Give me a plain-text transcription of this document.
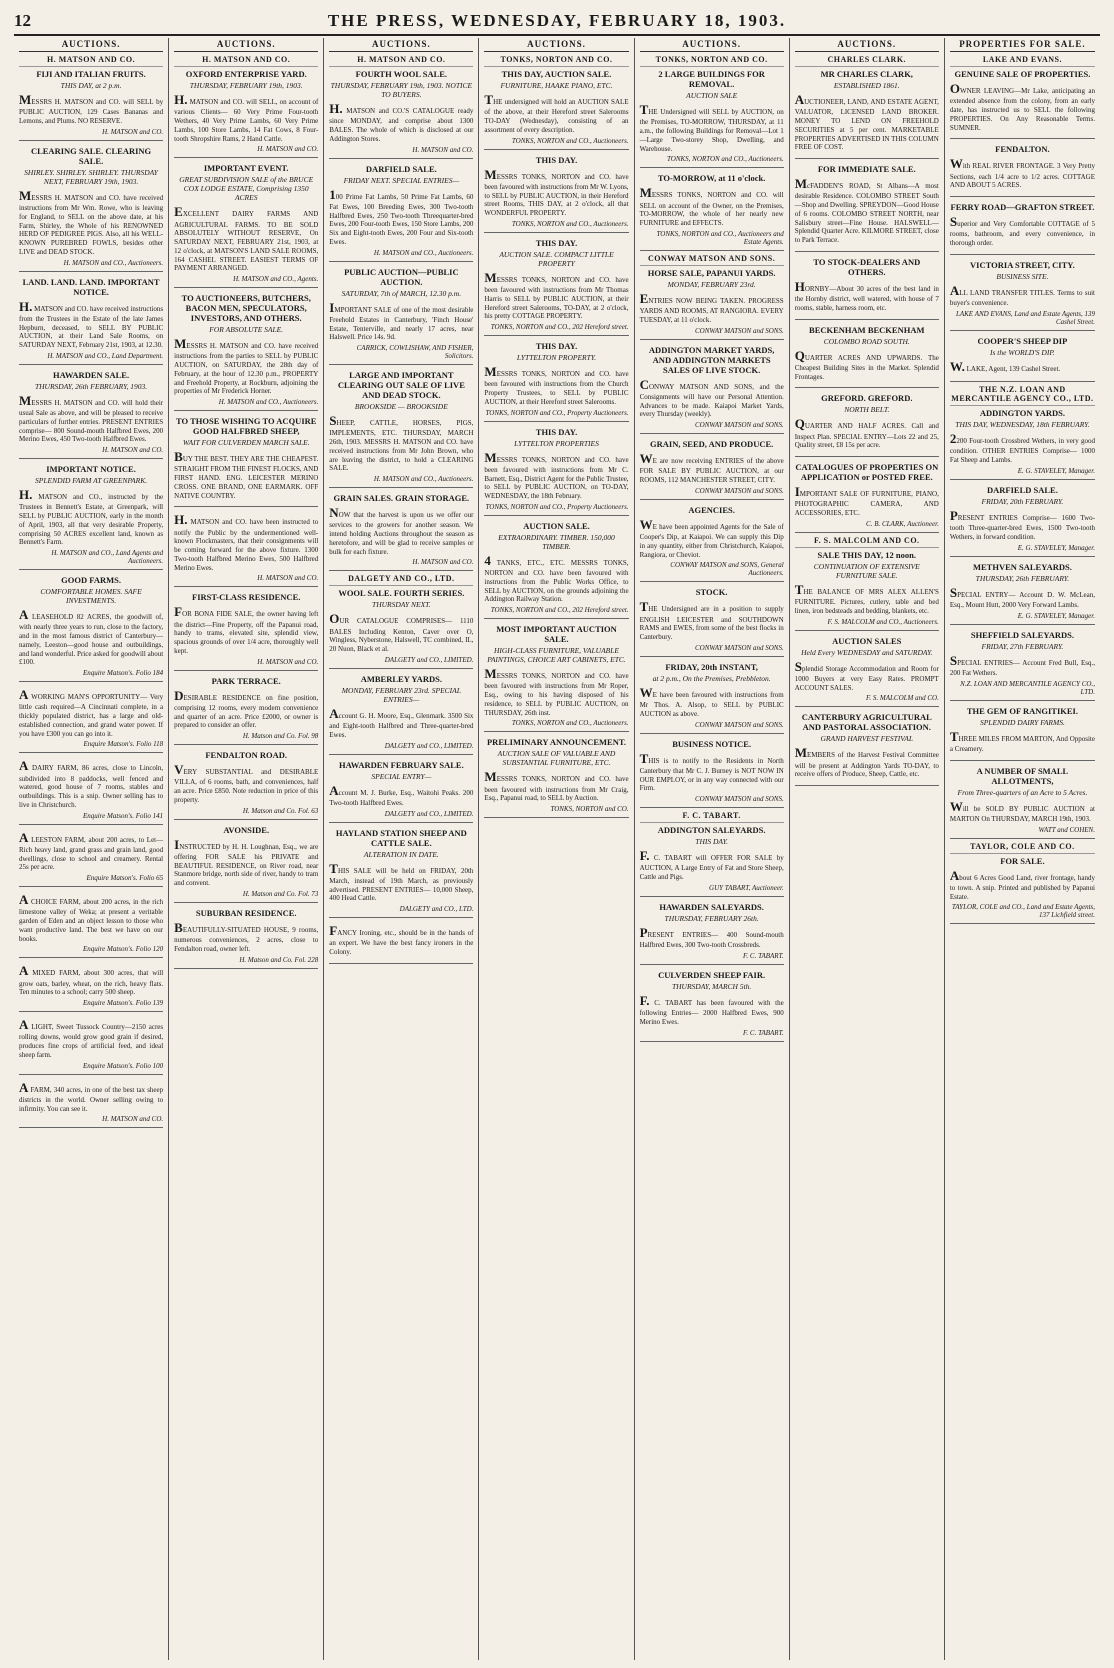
12	THE PRESS, WEDNESDAY, FEBRUARY 18, 1903.
AUCTIONS.
H. MATSON AND CO.
FIJI AND ITALIAN FRUITS.
THIS DAY, at 2 p.m.
MESSRS H. MATSON and CO. will SELL by PUBLIC AUCTION, 129 Cases Bananas and Lemons, and Plums. NO RESERVE.
H. MATSON and CO.
CLEARING SALE. CLEARING SALE.
SHIRLEY. SHIRLEY. SHIRLEY. THURSDAY NEXT, FEBRUARY 19th, 1903.
MESSRS H. MATSON and CO. have received instructions from Mr Wm. Rowe, who is leaving for England, to SELL on the above date, at his Farm, Shirley, the Whole of his RENOWNED HERD OF PEDIGREE PIGS. Also, all his WELL-KNOWN PUREBRED FOWLS, besides other LIVE and DEAD STOCK.
H. MATSON and CO., Auctioneers.
LAND. LAND. LAND. IMPORTANT NOTICE.
H. MATSON and CO. have received instructions from the Trustees in the Estate of the late James Hepburn, deceased, to SELL BY PUBLIC AUCTION, at their Land Sale Rooms, on SATURDAY NEXT, February 21st, 1903, at 12.30.
H. MATSON and CO., Land Department.
HAWARDEN SALE.
THURSDAY, 26th FEBRUARY, 1903.
MESSRS H. MATSON and CO. will hold their usual Sale as above, and will be pleased to receive particulars of further entries. PRESENT ENTRIES comprise— 800 Sound-mouth Halfbred Ewes, 200 Merino Ewes, 450 Two-tooth Halfbred Ewes.
H. MATSON and CO.
IMPORTANT NOTICE.
SPLENDID FARM AT GREENPARK.
H. MATSON and CO., instructed by the Trustees in Bennett's Estate, at Greenpark, will SELL by PUBLIC AUCTION, early in the month of April, 1903, all that very desirable Property, comprising 50 ACRES excellent land, known as Bennett's Farm.
H. MATSON and CO., Land Agents and Auctioneers.
GOOD FARMS.
COMFORTABLE HOMES. SAFE INVESTMENTS.
A LEASEHOLD 82 ACRES, the goodwill of, with nearly three years to run, close to the factory, and in the most famous district of Canterbury—namely, Leeston—good house and outbuildings, and land wonderful. Price asked for goodwill about £100.
Enquire Matson's. Folio 184
A WORKING MAN'S OPPORTUNITY— Very little cash required—A Cincinnati complete, in a thickly populated district, has a large and old-established connection, and grand water power. If you have £300 you can go into it.
Enquire Matson's. Folio 118
A DAIRY FARM, 86 acres, close to Lincoln, subdivided into 8 paddocks, well fenced and watered, good house of 7 rooms, stables and outbuildings. This is a snip. Owner selling has to live in Christchurch.
Enquire Matson's. Folio 141
A LEESTON FARM, about 200 acres, to Let—Rich heavy land, grand grass and grain land, good dwellings, close to school and creamery. Rental 25s per acre.
Enquire Matson's. Folio 65
A CHOICE FARM, about 200 acres, in the rich limestone valley of Weka; at present a veritable garden of Eden and an object lesson to those who want productive land. The best we have on our books.
Enquire Matson's. Folio 120
A MIXED FARM, about 300 acres, that will grow oats, barley, wheat, on the rich, heavy flats. Ten minutes to a school; carry 500 sheep.
Enquire Matson's. Folio 139
A LIGHT, Sweet Tussock Country—2150 acres rolling downs, would grow good grain if desired, produces fine crops of artificial feed, and ideal sheep farm.
Enquire Matson's. Folio 100
A FARM, 340 acres, in one of the best tax sheep districts in the world. Owner selling owing to infirmity. You can see it.
H. MATSON and CO.
AUCTIONS.
H. MATSON AND CO.
OXFORD ENTERPRISE YARD.
THURSDAY, FEBRUARY 19th, 1903.
H. MATSON and CO. will SELL, on account of various Clients— 60 Very Prime Four-tooth Wethers, 40 Very Prime Lambs, 60 Very Prime Lambs, 100 Store Lambs, 14 Fat Cows, 8 Four-tooth Shropshire Rams, 2 Hand Cattle.
H. MATSON and CO.
IMPORTANT EVENT.
GREAT SUBDIVISION SALE of the BRUCE COX LODGE ESTATE, Comprising 1350 ACRES
EXCELLENT DAIRY FARMS AND AGRICULTURAL FARMS. TO BE SOLD ABSOLUTELY WITHOUT RESERVE, On SATURDAY NEXT, FEBRUARY 21st, 1903, at 12 o'clock, at MATSON'S LAND SALE ROOMS, 164 CASHEL STREET. EASIEST TERMS OF PAYMENT ARRANGED.
H. MATSON and CO., Agents.
TO AUCTIONEERS, BUTCHERS, BACON MEN, SPECULATORS, INVESTORS, AND OTHERS.
FOR ABSOLUTE SALE.
MESSRS H. MATSON and CO. have received instructions from the parties to SELL by PUBLIC AUCTION, on SATURDAY, the 28th day of February, at the hour of 12.30 p.m., PROPERTY and Freehold Property, at Rockburn, adjoining the properties of Mr Frederick Horner.
H. MATSON and CO., Auctioneers.
TO THOSE WISHING TO ACQUIRE GOOD HALFBRED SHEEP,
WAIT FOR CULVERDEN MARCH SALE.
BUY THE BEST. THEY ARE THE CHEAPEST. STRAIGHT FROM THE FINEST FLOCKS, AND FIRST HAND. ENG. LEICESTER MERINO CROSS. ONE BRAND, ONE EARMARK. OFF NATIVE COUNTRY.
H. MATSON and CO. have been instructed to notify the Public by the undermentioned well-known Flockmasters, that their consignments will be coming forward for the above fixture. 1300 Two-tooth Halfbred Merino Ewes, 500 Halfbred Merino Ewes.
H. MATSON and CO.
FIRST-CLASS RESIDENCE.
FOR BONA FIDE SALE, the owner having left the district—Fine Property, off the Papanui road, handy to trams, elevated site, splendid view, spacious grounds of over 1/4 acre, thoroughly well kept.
H. MATSON and CO.
PARK TERRACE.
DESIRABLE RESIDENCE on fine position, comprising 12 rooms, every modern convenience and quarter of an acre. Price £2000, or owner is prepared to consider an offer.
H. Matson and Co. Fol. 98
FENDALTON ROAD.
VERY SUBSTANTIAL and DESIRABLE VILLA, of 6 rooms, bath, and conveniences, half an acre. Price £850. Note reduction in price of this property.
H. Matson and Co. Fol. 63
AVONSIDE.
INSTRUCTED by H. H. Loughnan, Esq., we are offering FOR SALE his PRIVATE and BEAUTIFUL RESIDENCE, on River road, near Stanmore bridge, north side of river, handy to tram and convent.
H. Matson and Co. Fol. 73
SUBURBAN RESIDENCE.
BEAUTIFULLY-SITUATED HOUSE, 9 rooms, numerous conveniences, 2 acres, close to Fendalton road, owner left.
H. Matson and Co. Fol. 228
AUCTIONS.
H. MATSON AND CO.
FOURTH WOOL SALE.
THURSDAY, FEBRUARY 19th, 1903. NOTICE TO BUYERS.
H. MATSON and CO.'S CATALOGUE ready since MONDAY, and comprise about 1300 BALES. The whole of which is disclosed at our Addington Stores.
H. MATSON and CO.
DARFIELD SALE.
FRIDAY NEXT. SPECIAL ENTRIES—
100 Prime Fat Lambs, 50 Prime Fat Lambs, 60 Fat Ewes, 100 Breeding Ewes, 300 Two-tooth Halfbred Ewes, 250 Two-tooth Threequarter-bred Ewes, 200 Four-tooth Ewes, 150 Store Lambs, 200 Six and Eight-tooth Ewes, 200 Four and Six-tooth Ewes.
H. MATSON and CO., Auctioneers.
PUBLIC AUCTION—PUBLIC AUCTION.
SATURDAY, 7th of MARCH, 12.30 p.m.
IMPORTANT SALE of one of the most desirable Freehold Estates in Canterbury, 'Finch House' Estate, Tenterville, and nearly 17 acres, near Halswell. Price 14s. 9d.
CARRICK, COWLISHAW, AND FISHER, Solicitors.
LARGE AND IMPORTANT CLEARING OUT SALE OF LIVE AND DEAD STOCK.
BROOKSIDE — BROOKSIDE
SHEEP, CATTLE, HORSES, PIGS, IMPLEMENTS, ETC. THURSDAY, MARCH 26th, 1903. MESSRS H. MATSON and CO. have received instructions from Mr John Brown, who are leaving the district, to hold a CLEARING SALE.
H. MATSON and CO., Auctioneers.
GRAIN SALES. GRAIN STORAGE.
NOW that the harvest is upon us we offer our services to the growers for another season. We intend holding Auctions throughout the season as heretofore, and will be glad to receive samples or bulk for each fixture.
H. MATSON and CO.
DALGETY AND CO., LTD.
WOOL SALE. FOURTH SERIES.
THURSDAY NEXT.
OUR CATALOGUE COMPRISES— 1110 BALES Including Kenton, Caver over O, Wingless, Nyberstone, Halswell, TC combined, IL, 20 Nuon, Black et al.
DALGETY and CO., LIMITED.
AMBERLEY YARDS.
MONDAY, FEBRUARY 23rd. SPECIAL ENTRIES—
Account G. H. Moore, Esq., Glenmark. 3500 Six and Eight-tooth Halfbred and Three-quarter-bred Ewes.
DALGETY and CO., LIMITED.
HAWARDEN FEBRUARY SALE.
SPECIAL ENTRY—
Account M. J. Burke, Esq., Waitohi Peaks. 200 Two-tooth Halfbred Ewes.
DALGETY and CO., LIMITED.
HAYLAND STATION SHEEP AND CATTLE SALE.
ALTERATION IN DATE.
THIS SALE will be held on FRIDAY, 20th March, instead of 19th March, as previously advertised. PRESENT ENTRIES— 10,000 Sheep, 400 Head Cattle.
DALGETY and CO., LTD.
FANCY Ironing, etc., should be in the hands of an expert. We have the best fancy ironers in the Colony.
AUCTIONS.
TONKS, NORTON AND CO.
THIS DAY, AUCTION SALE.
FURNITURE, HAAKE PIANO, ETC.
THE undersigned will hold an AUCTION SALE of the above, at their Hereford street Salerooms TO-DAY (Wednesday), consisting of an assortment of every description.
TONKS, NORTON and CO., Auctioneers.
THIS DAY.
MESSRS TONKS, NORTON and CO. have been favoured with instructions from Mr W. Lyons, to SELL by PUBLIC AUCTION, in their Hereford street Rooms, THIS DAY, at 2 o'clock, all that WONDERFUL PROPERTY.
TONKS, NORTON and CO., Auctioneers.
THIS DAY.
AUCTION SALE. COMPACT LITTLE PROPERTY
MESSRS TONKS, NORTON and CO. have been favoured with instructions from Mr Thomas Harris to SELL by PUBLIC AUCTION, at their Hereford street Salerooms, TO-DAY, at 2 o'clock, his pretty COTTAGE PROPERTY.
TONKS, NORTON and CO., 202 Hereford street.
THIS DAY.
LYTTELTON PROPERTY.
MESSRS TONKS, NORTON and CO. have been favoured with instructions from the Church Property Trustees, to SELL by PUBLIC AUCTION, at their Hereford street Salerooms.
TONKS, NORTON and CO., Property Auctioneers.
THIS DAY.
LYTTELTON PROPERTIES
MESSRS TONKS, NORTON and CO. have been favoured with instructions from Mr C. Barnett, Esq., District Agent for the Public Trustee, to SELL by PUBLIC AUCTION, on TO-DAY, WEDNESDAY, the 18th February.
TONKS, NORTON and CO., Property Auctioneers.
AUCTION SALE.
EXTRAORDINARY. TIMBER. 150,000 TIMBER.
4 TANKS, ETC., ETC. MESSRS TONKS, NORTON and CO. have been favoured with instructions from the Public Works Office, to SELL by AUCTION, on the grounds adjoining the Addington Railway Station.
TONKS, NORTON and CO., 202 Hereford street.
MOST IMPORTANT AUCTION SALE.
HIGH-CLASS FURNITURE, VALUABLE PAINTINGS, CHOICE ART CABINETS, ETC.
MESSRS TONKS, NORTON and CO. have been favoured with instructions from Mr Roper, Esq., owing to his having disposed of his residence, to SELL by PUBLIC AUCTION, on THURSDAY, 26th inst.
TONKS, NORTON and CO., Auctioneers.
PRELIMINARY ANNOUNCEMENT.
AUCTION SALE OF VALUABLE AND SUBSTANTIAL FURNITURE, ETC.
MESSRS TONKS, NORTON and CO. have been favoured with instructions from Mr Craig, Esq., Papanui road, to SELL by Auction.
TONKS, NORTON and CO.
AUCTIONS.
TONKS, NORTON AND CO.
2 LARGE BUILDINGS FOR REMOVAL.
AUCTION SALE
THE Undersigned will SELL by AUCTION, on the Premises, TO-MORROW, THURSDAY, at 11 a.m., the following Buildings for Removal—Lot 1—Large Two-storey Shop, Dwelling, and Warehouse.
TONKS, NORTON and CO., Auctioneers.
TO-MORROW, at 11 o'clock.
MESSRS TONKS, NORTON and CO. will SELL on account of the Owner, on the Premises, TO-MORROW, the whole of her nearly new FURNITURE and EFFECTS.
TONKS, NORTON and CO., Auctioneers and Estate Agents.
CONWAY MATSON AND SONS.
HORSE SALE, PAPANUI YARDS.
MONDAY, FEBRUARY 23rd.
ENTRIES NOW BEING TAKEN. PROGRESS YARDS AND ROOMS, AT RANGIORA. EVERY TUESDAY, at 11 o'clock.
CONWAY MATSON and SONS.
ADDINGTON MARKET YARDS, AND ADDINGTON MARKETS SALES OF LIVE STOCK.
CONWAY MATSON AND SONS, and the Consignments will have our Personal Attention. Advances to be made. Kaiapoi Market Yards, every Thursday (weekly).
CONWAY MATSON and SONS.
GRAIN, SEED, AND PRODUCE.
WE are now receiving ENTRIES of the above FOR SALE BY PUBLIC AUCTION, at our ROOMS, 112 MANCHESTER STREET, CITY.
CONWAY MATSON and SONS.
AGENCIES.
WE have been appointed Agents for the Sale of Cooper's Dip, at Kaiapoi. We can supply this Dip in any quantity, either from Christchurch, Kaiapoi, Rangiora, or Cheviot.
CONWAY MATSON and SONS, General Auctioneers.
STOCK.
THE Undersigned are in a position to supply ENGLISH LEICESTER and SOUTHDOWN RAMS and EWES, from some of the best flocks in Canterbury.
CONWAY MATSON and SONS.
FRIDAY, 20th INSTANT,
at 2 p.m., On the Premises, Prebbleton.
WE have been favoured with instructions from Mr Thos. A. Alsop, to SELL by PUBLIC AUCTION as above.
CONWAY MATSON and SONS.
BUSINESS NOTICE.
THIS is to notify to the Residents in North Canterbury that Mr C. J. Burney is NOT NOW IN OUR EMPLOY, or in any way connected with our Firm.
CONWAY MATSON and SONS.
F. C. TABART.
ADDINGTON SALEYARDS.
THIS DAY.
F. C. TABART will OFFER FOR SALE by AUCTION, A Large Entry of Fat and Store Sheep, Cattle and Pigs.
GUY TABART, Auctioneer.
HAWARDEN SALEYARDS.
THURSDAY, FEBRUARY 26th.
PRESENT ENTRIES— 400 Sound-mouth Halfbred Ewes, 300 Two-tooth Crossbreds.
F. C. TABART.
CULVERDEN SHEEP FAIR.
THURSDAY, MARCH 5th.
F. C. TABART has been favoured with the following Entries— 2000 Halfbred Ewes, 900 Merino Ewes.
F. C. TABART.
AUCTIONS.
CHARLES CLARK.
MR CHARLES CLARK,
ESTABLISHED 1861.
AUCTIONEER, LAND, AND ESTATE AGENT, VALUATOR, LICENSED LAND BROKER. MONEY TO LEND ON FREEHOLD SECURITIES at 5 per cent. MARKETABLE PROPERTIES ADVERTISED IN THIS COLUMN FREE OF COST.
FOR IMMEDIATE SALE.
McFADDEN'S ROAD, St Albans—A most desirable Residence. COLOMBO STREET South—Shop and Dwelling. SPREYDON—Good House of 6 rooms. COLOMBO STREET NORTH, near Salisbury street—Fine House. HALSWELL—Splendid Quarter Acre. KILMORE STREET, close to Park Terrace.
TO STOCK-DEALERS AND OTHERS.
HORNBY—About 30 acres of the best land in the Hornby district, well watered, with house of 7 rooms, stable, harness room, etc.
BECKENHAM BECKENHAM
COLOMBO ROAD SOUTH.
QUARTER ACRES AND UPWARDS. The Cheapest Building Sites in the Market. Splendid Frontages.
GREFORD. GREFORD.
NORTH BELT.
QUARTER AND HALF ACRES. Call and Inspect Plan. SPECIAL ENTRY—Lots 22 and 25, Quality street, £8 15s per acre.
CATALOGUES OF PROPERTIES ON APPLICATION or POSTED FREE.
IMPORTANT SALE OF FURNITURE, PIANO, PHOTOGRAPHIC CAMERA, AND ACCESSORIES, ETC.
C. B. CLARK, Auctioneer.
F. S. MALCOLM AND CO.
SALE THIS DAY, 12 noon.
CONTINUATION OF EXTENSIVE FURNITURE SALE.
THE BALANCE OF MRS ALEX ALLEN'S FURNITURE. Pictures, cutlery, table and bed linen, iron bedsteads and bedding, blankets, etc.
F. S. MALCOLM and CO., Auctioneers.
AUCTION SALES
Held Every WEDNESDAY and SATURDAY.
Splendid Storage Accommodation and Room for 1000 Buyers at very Easy Rates. PROMPT ACCOUNT SALES.
F. S. MALCOLM and CO.
CANTERBURY AGRICULTURAL AND PASTORAL ASSOCIATION.
GRAND HARVEST FESTIVAL
MEMBERS of the Harvest Festival Committee will be present at Addington Yards TO-DAY, to receive offers of Produce, Sheep, Cattle, etc.
PROPERTIES FOR SALE.
LAKE AND EVANS.
GENUINE SALE OF PROPERTIES.
OWNER LEAVING—Mr Lake, anticipating an extended absence from the colony, from an early date, has instructed us to SELL the following PROPERTIES. On Any Reasonable Terms. SUMNER.
FENDALTON.
With REAL RIVER FRONTAGE. 3 Very Pretty Sections, each 1/4 acre to 1/2 acres. COTTAGE AND ABOUT 5 ACRES.
FERRY ROAD—GRAFTON STREET.
Superior and Very Comfortable COTTAGE of 5 rooms, bathroom, and every convenience, in thorough order.
VICTORIA STREET, CITY.
BUSINESS SITE.
ALL LAND TRANSFER TITLES. Terms to suit buyer's convenience.
LAKE AND EVANS, Land and Estate Agents, 139 Cashel Street.
COOPER'S SHEEP DIP
Is the WORLD'S DIP.
W. LAKE, Agent, 139 Cashel Street.
THE N.Z. LOAN AND MERCANTILE AGENCY CO., LTD.
ADDINGTON YARDS.
THIS DAY, WEDNESDAY, 18th FEBRUARY.
2200 Four-tooth Crossbred Wethers, in very good condition. OTHER ENTRIES Comprise— 1000 Fat Sheep and Lambs.
E. G. STAVELEY, Manager.
DARFIELD SALE.
FRIDAY, 20th FEBRUARY.
PRESENT ENTRIES Comprise— 1600 Two-tooth Three-quarter-bred Ewes, 1500 Two-tooth Wethers, in forward condition.
E. G. STAVELEY, Manager.
METHVEN SALEYARDS.
THURSDAY, 26th FEBRUARY.
SPECIAL ENTRY— Account D. W. McLean, Esq., Mount Hutt, 2000 Very Forward Lambs.
E. G. STAVELEY, Manager.
SHEFFIELD SALEYARDS.
FRIDAY, 27th FEBRUARY.
SPECIAL ENTRIES— Account Fred Bull, Esq., 200 Fat Wethers.
N.Z. LOAN AND MERCANTILE AGENCY CO., LTD.
THE GEM OF RANGITIKEI.
SPLENDID DAIRY FARMS.
THREE MILES FROM MARTON, And Opposite a Creamery.
A NUMBER OF SMALL ALLOTMENTS,
From Three-quarters of an Acre to 5 Acres.
Will be SOLD BY PUBLIC AUCTION at MARTON On THURSDAY, MARCH 19th, 1903.
WATT and COHEN.
TAYLOR, COLE AND CO.
FOR SALE.
About 6 Acres Good Land, river frontage, handy to town. A snip. Printed and published by Papanui Estate.
TAYLOR, COLE and CO., Land and Estate Agents, 137 Lichfield street.
